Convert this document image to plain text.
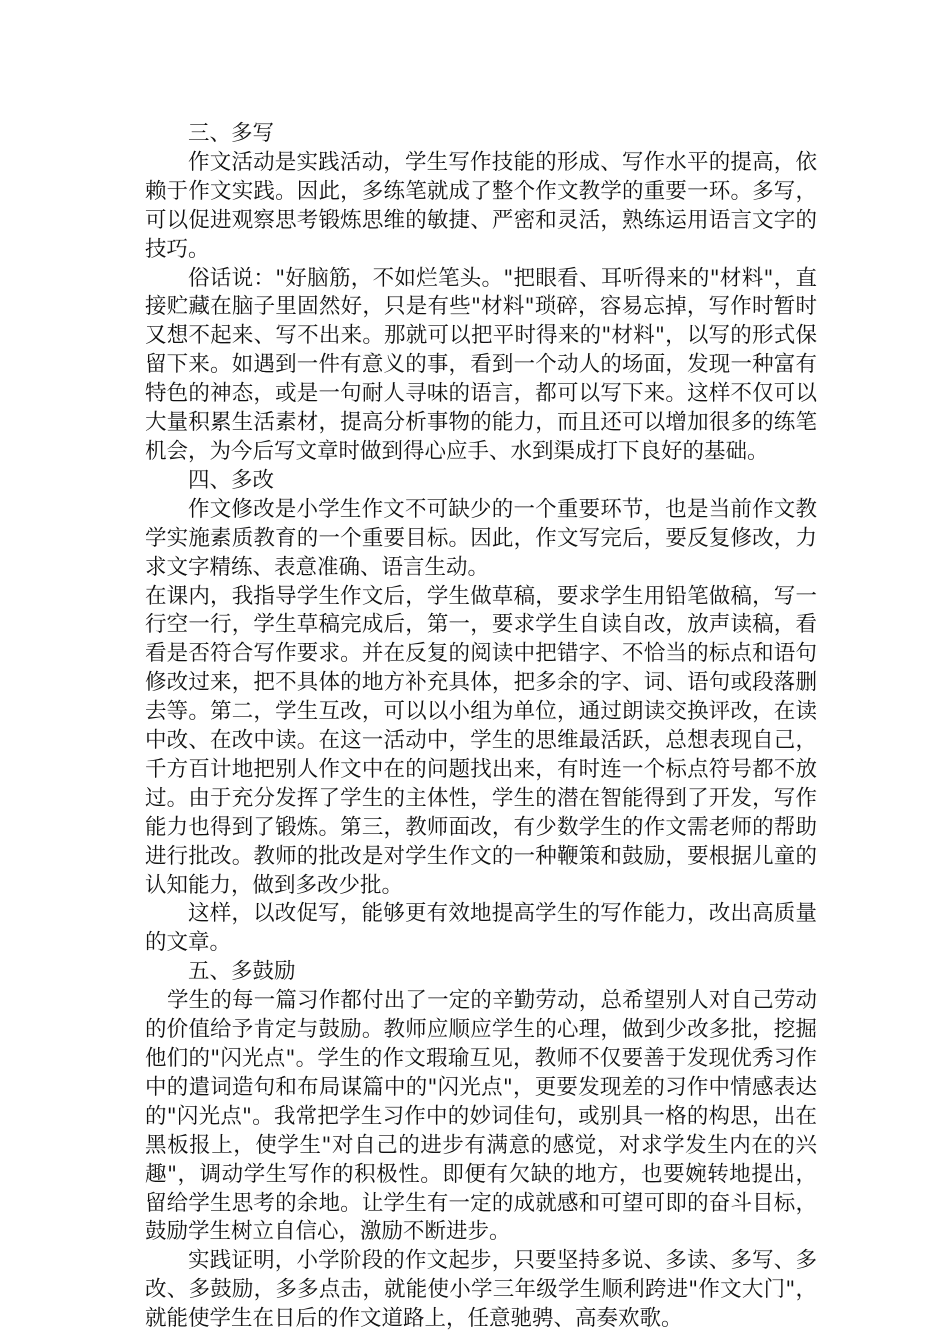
三、多写

作文活动是实践活动，学生写作技能的形成、写作水平的提高，依赖于作文实践。因此，多练笔就成了整个作文教学的重要一环。多写，可以促进观察思考锻炼思维的敏捷、严密和灵活，熟练运用语言文字的技巧。

俗话说："好脑筋，不如烂笔头。"把眼看、耳听得来的"材料"，直接贮藏在脑子里固然好，只是有些"材料"琐碎，容易忘掉，写作时暂时又想不起来、写不出来。那就可以把平时得来的"材料"，以写的形式保留下来。如遇到一件有意义的事，看到一个动人的场面，发现一种富有特色的神态，或是一句耐人寻味的语言，都可以写下来。这样不仅可以大量积累生活素材，提高分析事物的能力，而且还可以增加很多的练笔机会，为今后写文章时做到得心应手、水到渠成打下良好的基础。

四、多改

作文修改是小学生作文不可缺少的一个重要环节，也是当前作文教学实施素质教育的一个重要目标。因此，作文写完后，要反复修改，力求文字精练、表意准确、语言生动。

在课内，我指导学生作文后，学生做草稿，要求学生用铅笔做稿，写一行空一行，学生草稿完成后，第一，要求学生自读自改，放声读稿，看看是否符合写作要求。并在反复的阅读中把错字、不恰当的标点和语句修改过来，把不具体的地方补充具体，把多余的字、词、语句或段落删去等。第二，学生互改，可以以小组为单位，通过朗读交换评改，在读中改、在改中读。在这一活动中，学生的思维最活跃，总想表现自己，千方百计地把别人作文中在的问题找出来，有时连一个标点符号都不放过。由于充分发挥了学生的主体性，学生的潜在智能得到了开发，写作能力也得到了锻炼。第三，教师面改，有少数学生的作文需老师的帮助进行批改。教师的批改是对学生作文的一种鞭策和鼓励，要根据儿童的认知能力，做到多改少批。

这样，以改促写，能够更有效地提高学生的写作能力，改出高质量的文章。

五、多鼓励

学生的每一篇习作都付出了一定的辛勤劳动，总希望别人对自己劳动的价值给予肯定与鼓励。教师应顺应学生的心理，做到少改多批，挖掘他们的"闪光点"。学生的作文瑕瑜互见，教师不仅要善于发现优秀习作中的遣词造句和布局谋篇中的"闪光点"，更要发现差的习作中情感表达的"闪光点"。我常把学生习作中的妙词佳句，或别具一格的构思，出在黑板报上，使学生"对自己的进步有满意的感觉，对求学发生内在的兴趣"，调动学生写作的积极性。即便有欠缺的地方，也要婉转地提出，留给学生思考的余地。让学生有一定的成就感和可望可即的奋斗目标，鼓励学生树立自信心，激励不断进步。

实践证明，小学阶段的作文起步，只要坚持多说、多读、多写、多改、多鼓励，多多点击，就能使小学三年级学生顺利跨进"作文大门"，就能使学生在日后的作文道路上，任意驰骋、高奏欢歌。
